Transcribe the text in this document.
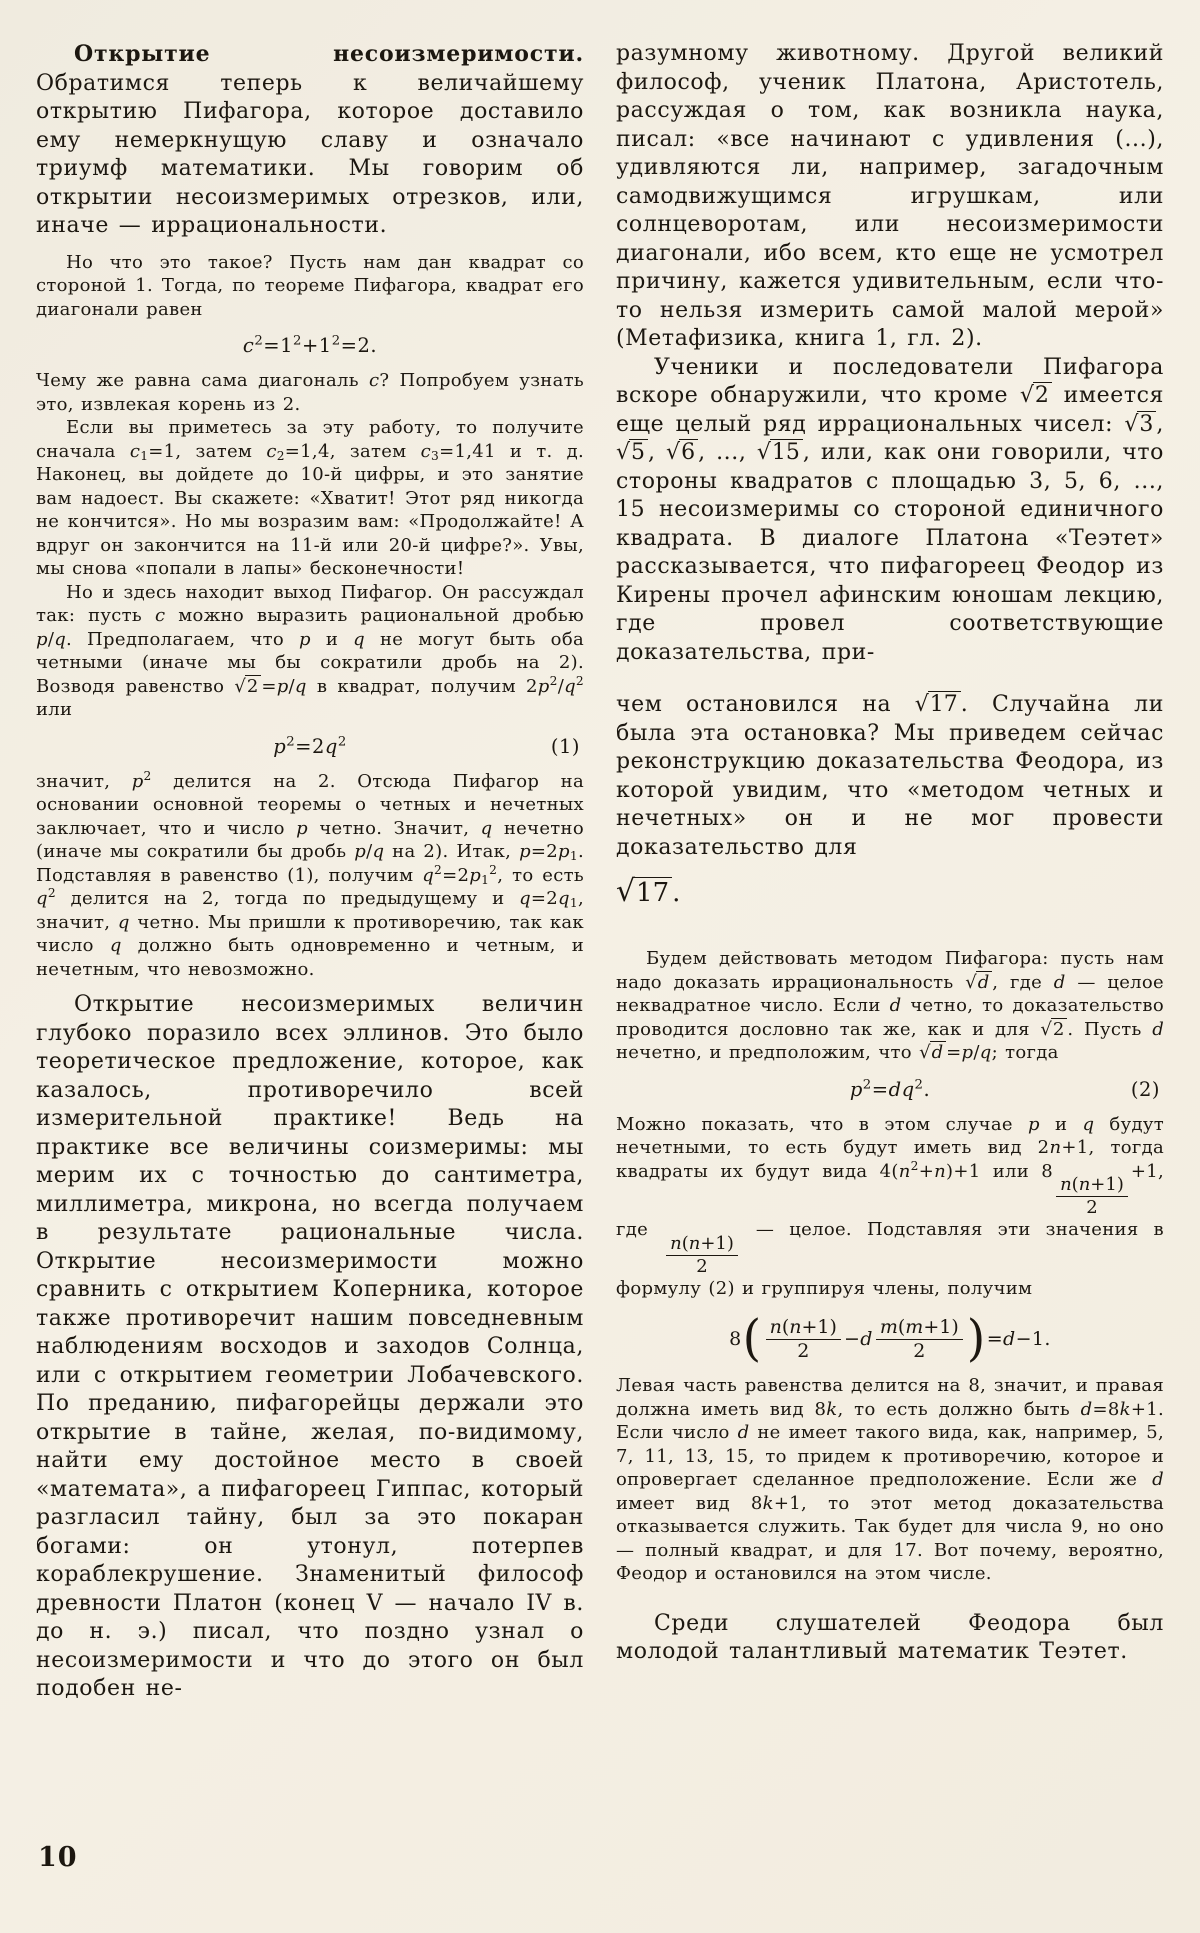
Открытие несоизмеримости. Обратимся теперь к величайшему открытию Пифагора, которое доставило ему немеркнущую славу и означало триумф математики. Мы говорим об открытии несоизмеримых отрезков, или, иначе — иррациональности.
Но что это такое? Пусть нам дан квадрат со стороной 1. Тогда, по теореме Пифагора, квадрат его диагонали равен
$c^2=1^2+1^2=2$.
Чему же равна сама диагональ c? Попробуем узнать это, извлекая корень из 2.
Если вы приметесь за эту работу, то получите сначала $c_1=1$, затем $c_2=1,4$, затем $c_3=1,41$ и т. д. Наконец, вы дойдете до 10-й цифры, и это занятие вам надоест. Вы скажете: «Хватит! Этот ряд никогда не кончится». Но мы возразим вам: «Продолжайте! А вдруг он закончится на 11-й или 20-й цифре?». Увы, мы снова «попали в лапы» бесконечности!
Но и здесь находит выход Пифагор. Он рассуждал так: пусть c можно выразить рациональной дробью p/q. Предполагаем, что p и q не могут быть оба четными (иначе мы бы сократили дробь на 2). Возводя равенство √2 =p/q в квадрат, получим $2p^2/q^2$ или
$p^2=2q^2$	(1)
значит, $p^2$ делится на 2. Отсюда Пифагор на основании основной теоремы о четных и нечетных заключает, что и число p четно. Значит, q нечетно (иначе мы сократили бы дробь p/q на 2). Итак, $p=2p_1$. Подставляя в равенство (1), получим $q^2=2p_1^2$, то есть $q^2$ делится на 2, тогда по предыдущему и $q=2q_1$, значит, q четно. Мы пришли к противоречию, так как число q должно быть одновременно и четным, и нечетным, что невозможно.
Открытие несоизмеримых величин глубоко поразило всех эллинов. Это было теоретическое предложение, которое, как казалось, противоречило всей измерительной практике! Ведь на практике все величины соизмеримы: мы мерим их с точностью до сантиметра, миллиметра, микрона, но всегда получаем в результате рациональные числа. Открытие несоизмеримости можно сравнить с открытием Коперника, которое также противоречит нашим повседневным наблюдениям восходов и заходов Солнца, или с открытием геометрии Лобачевского. По преданию, пифагорейцы держали это открытие в тайне, желая, по-видимому, найти ему достойное место в своей «математа», а пифагореец Гиппас, который разгласил тайну, был за это покаран богами: он утонул, потерпев кораблекрушение. Знаменитый философ древности Платон (конец V — начало IV в. до н. э.) писал, что поздно узнал о несоизмеримости и что до этого он был подобен не-
разумному животному. Другой великий философ, ученик Платона, Аристотель, рассуждая о том, как возникла наука, писал: «все начинают с удивления (...), удивляются ли, например, загадочным самодвижущимся игрушкам, или солнцеворотам, или несоизмеримости диагонали, ибо всем, кто еще не усмотрел причину, кажется удивительным, если что-то нельзя измерить самой малой мерой» (Метафизика, книга 1, гл. 2).
Ученики и последователи Пифагора вскоре обнаружили, что кроме √2 имеется еще целый ряд иррациональных чисел: √3 , √5 , √6 , ..., √15 , или, как они говорили, что стороны квадратов с площадью 3, 5, 6, ..., 15 несоизмеримы со стороной единичного квадрата. В диалоге Платона «Теэтет» рассказывается, что пифагореец Феодор из Кирены прочел афинским юношам лекцию, где провел соответствующие доказательства, при-
чем остановился на √17 . Случайна ли была эта остановка? Мы приведем сейчас реконструкцию доказательства Феодора, из которой увидим, что «методом четных и нечетных» он и не мог провести доказательство для
√17 .
Будем действовать методом Пифагора: пусть нам надо доказать иррациональность √d , где d — целое неквадратное число. Если d четно, то доказательство проводится дословно так же, как и для √2 . Пусть d нечетно, и предположим, что √d =p/q; тогда
$p^2=dq^2$.	(2)
Можно показать, что в этом случае p и q будут нечетными, то есть будут иметь вид 2n+1, тогда квадраты их будут вида $4(n^2+n)+1$ или 8
$\frac{n(n+1)}{2}$
+1, где
$\frac{n(n+1)}{2}$
— целое. Подставляя эти значения в формулу (2) и группируя члены, получим
8 ( $\frac{n(n+1)}{2} - d \frac{m(m+1)}{2}$ ) = d −1.
Левая часть равенства делится на 8, значит, и правая должна иметь вид 8k, то есть должно быть d=8k+1. Если число d не имеет такого вида, как, например, 5, 7, 11, 13, 15, то придем к противоречию, которое и опровергает сделанное предположение. Если же d имеет вид 8k+1, то этот метод доказательства отказывается служить. Так будет для числа 9, но оно — полный квадрат, и для 17. Вот почему, вероятно, Феодор и остановился на этом числе.
Среди слушателей Феодора был молодой талантливый математик Теэтет.
10
